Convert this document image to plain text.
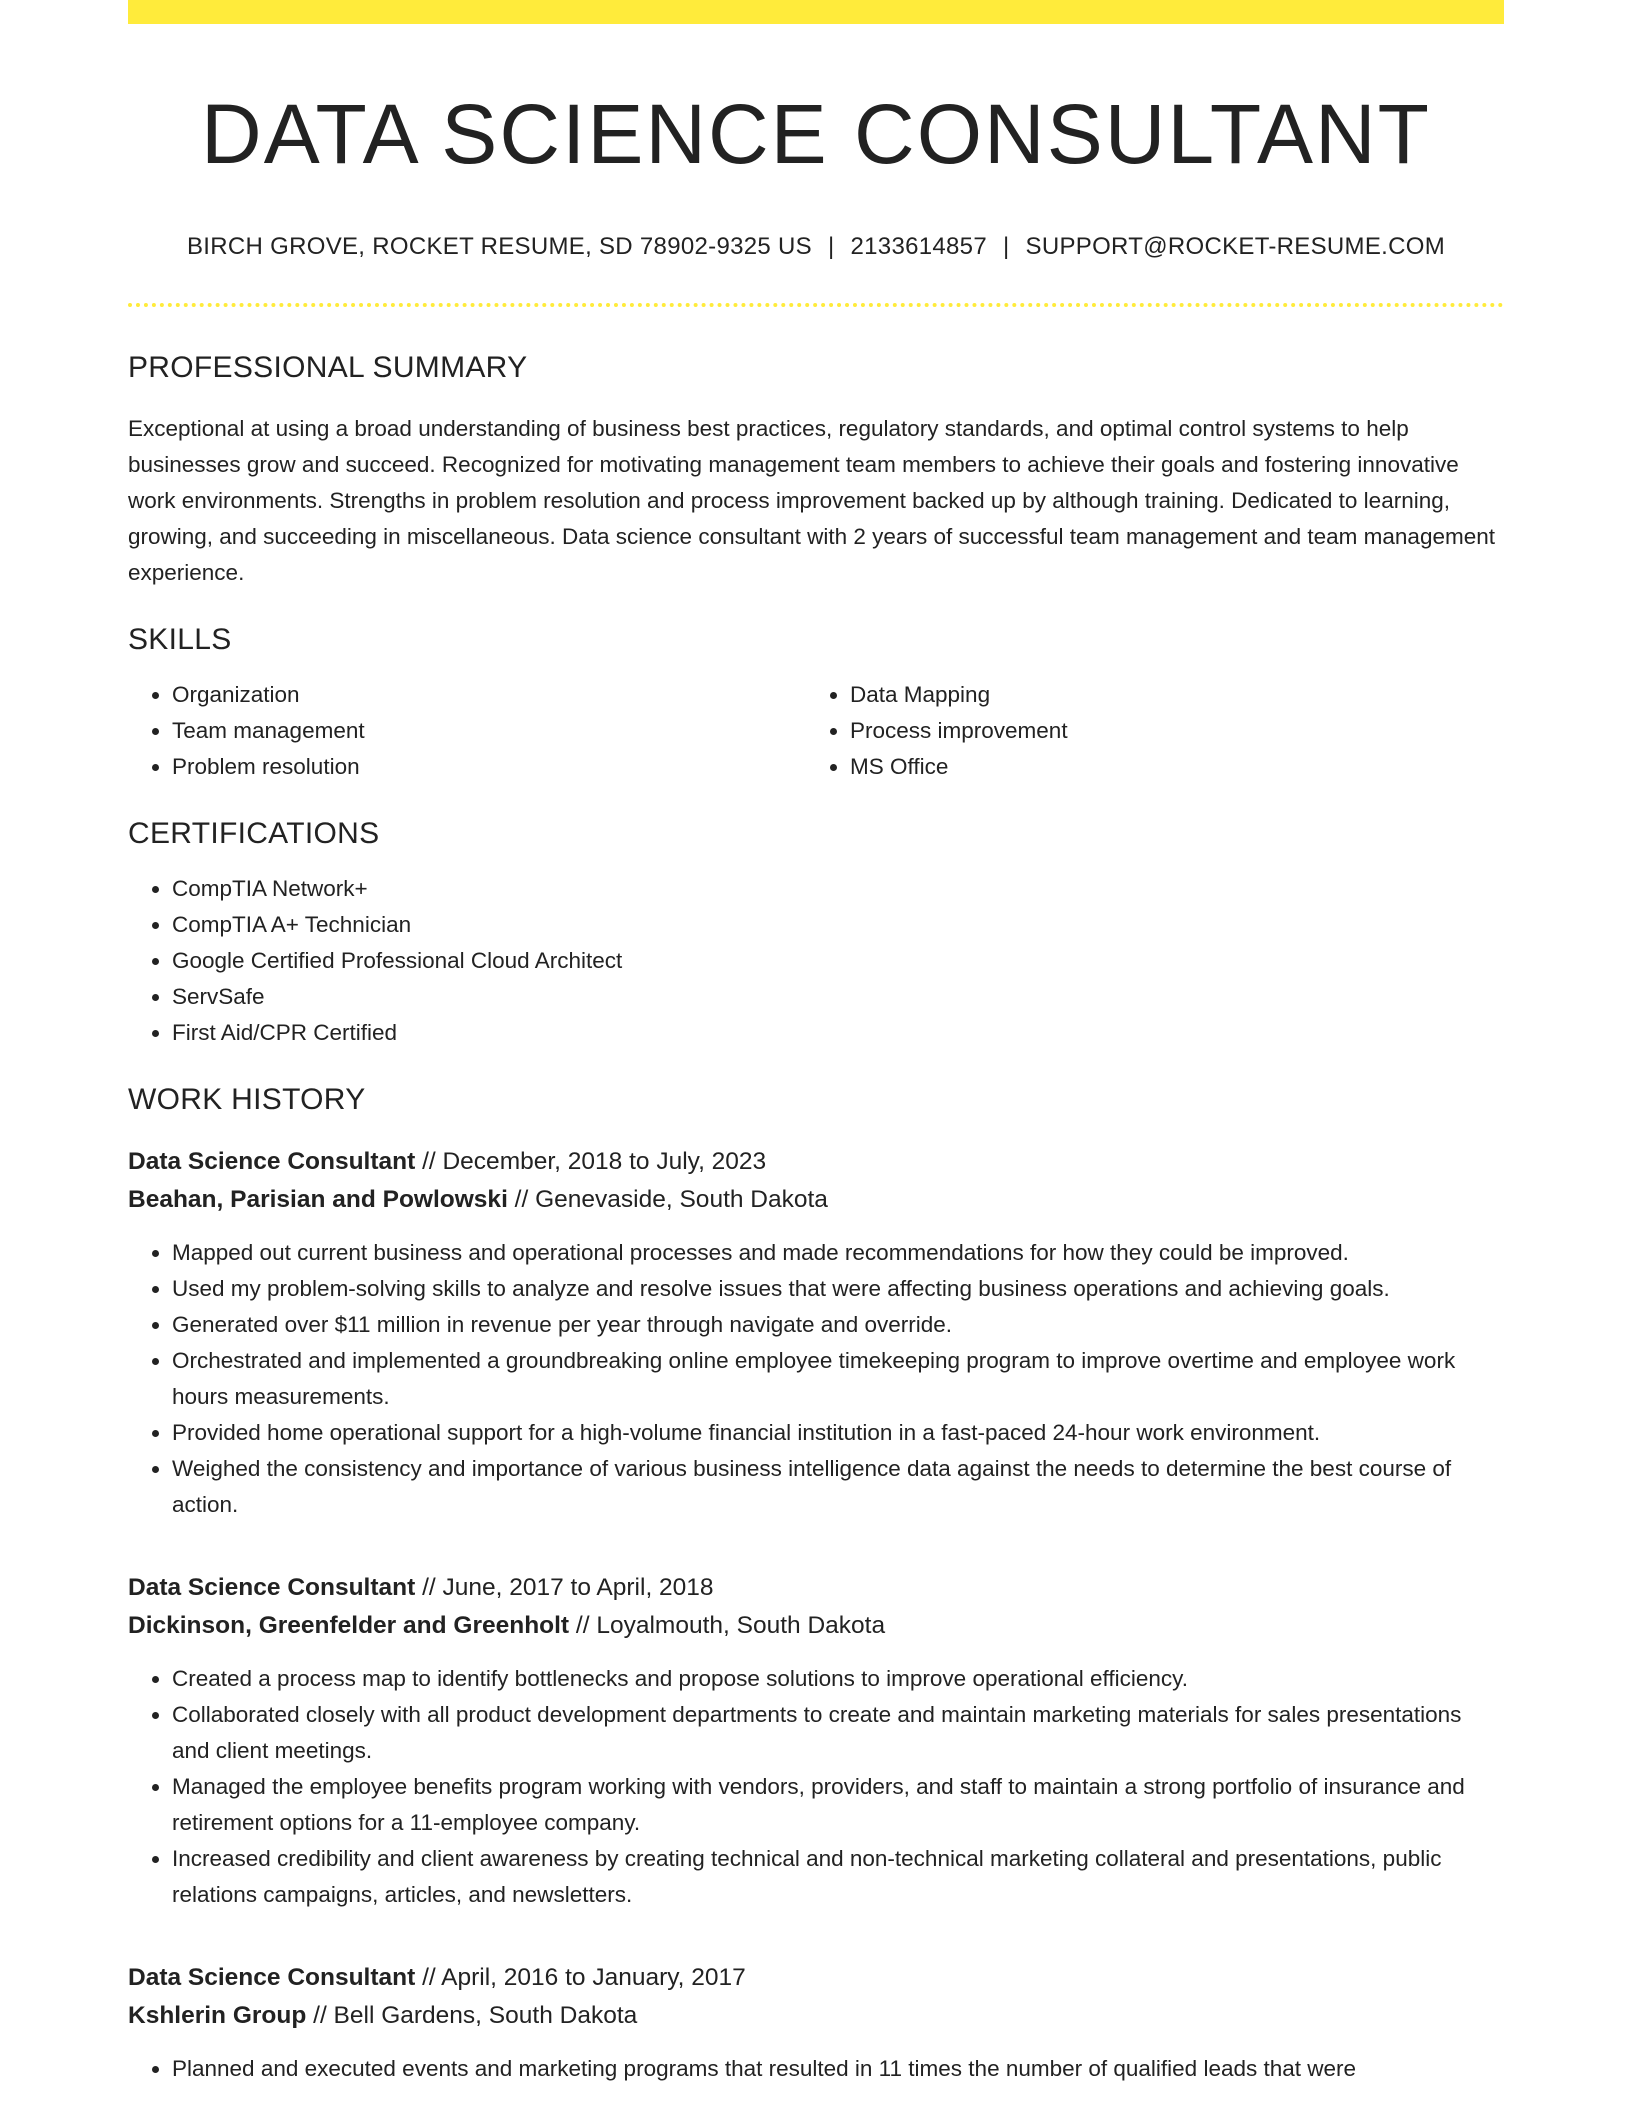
DATA SCIENCE CONSULTANT
BIRCH GROVE, ROCKET RESUME, SD 78902-9325 US | 2133614857 | SUPPORT@ROCKET-RESUME.COM
PROFESSIONAL SUMMARY
Exceptional at using a broad understanding of business best practices, regulatory standards, and optimal control systems to help businesses grow and succeed. Recognized for motivating management team members to achieve their goals and fostering innovative work environments. Strengths in problem resolution and process improvement backed up by although training. Dedicated to learning, growing, and succeeding in miscellaneous. Data science consultant with 2 years of successful team management and team management experience.
SKILLS
• Organization
• Team management
• Problem resolution
• Data Mapping
• Process improvement
• MS Office
CERTIFICATIONS
• CompTIA Network+
• CompTIA A+ Technician
• Google Certified Professional Cloud Architect
• ServSafe
• First Aid/CPR Certified
WORK HISTORY
Data Science Consultant // December, 2018 to July, 2023
Beahan, Parisian and Powlowski // Genevaside, South Dakota
• Mapped out current business and operational processes and made recommendations for how they could be improved.
• Used my problem-solving skills to analyze and resolve issues that were affecting business operations and achieving goals.
• Generated over $11 million in revenue per year through navigate and override.
• Orchestrated and implemented a groundbreaking online employee timekeeping program to improve overtime and employee work hours measurements.
• Provided home operational support for a high-volume financial institution in a fast-paced 24-hour work environment.
• Weighed the consistency and importance of various business intelligence data against the needs to determine the best course of action.
Data Science Consultant // June, 2017 to April, 2018
Dickinson, Greenfelder and Greenholt // Loyalmouth, South Dakota
• Created a process map to identify bottlenecks and propose solutions to improve operational efficiency.
• Collaborated closely with all product development departments to create and maintain marketing materials for sales presentations and client meetings.
• Managed the employee benefits program working with vendors, providers, and staff to maintain a strong portfolio of insurance and retirement options for a 11-employee company.
• Increased credibility and client awareness by creating technical and non-technical marketing collateral and presentations, public relations campaigns, articles, and newsletters.
Data Science Consultant // April, 2016 to January, 2017
Kshlerin Group // Bell Gardens, South Dakota
• Planned and executed events and marketing programs that resulted in 11 times the number of qualified leads that were
